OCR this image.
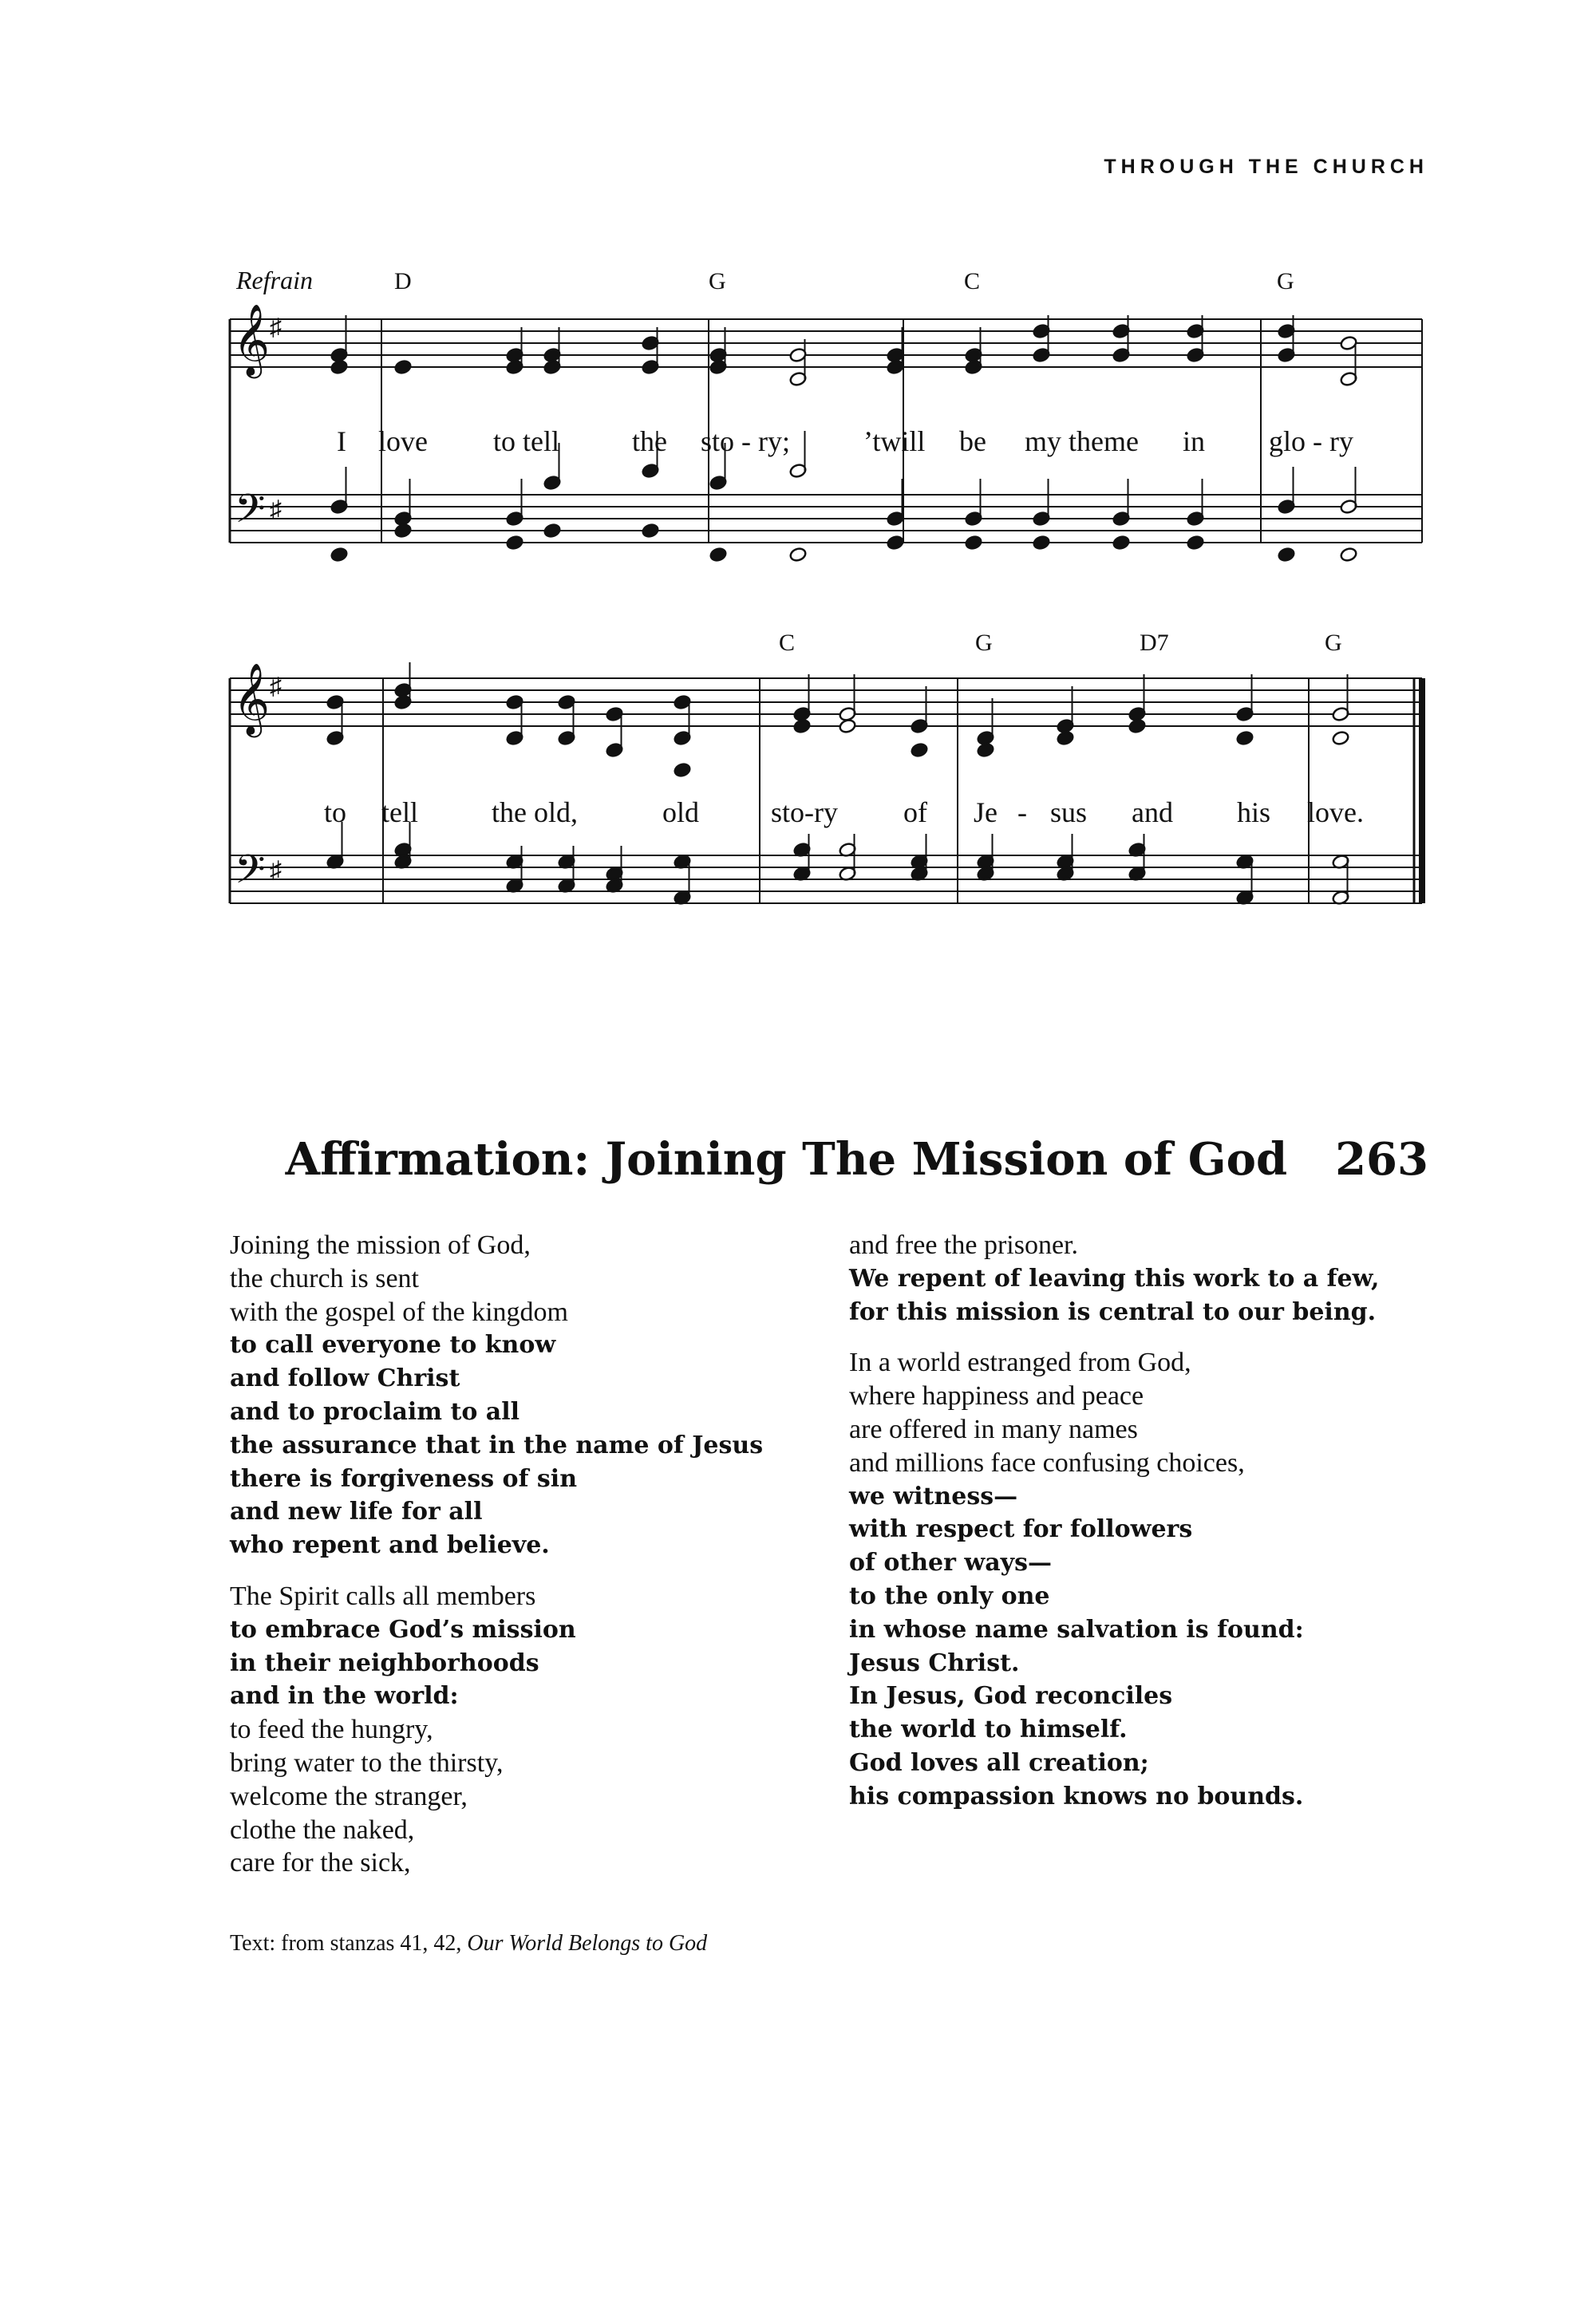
THROUGH THE CHURCH
𝄞
𝄢
♯
♯
𝄞
𝄢
♯
♯
Refrain	D	G	C	G
C	G	D7	G
I love to tell	the sto - ry;	’twill be my theme in glo - ry
to tell	the old,	old sto-ry of Je - sus and his love.
Affirmation: Joining The Mission of God 263
Joining the mission of God,
the church is sent
with the gospel of the kingdom
to call everyone to know
and follow Christ
and to proclaim to all
the assurance that in the name of Jesus
there is forgiveness of sin
and new life for all
who repent and believe.
The Spirit calls all members
to embrace God’s mission
in their neighborhoods
and in the world:
to feed the hungry,
bring water to the thirsty,
welcome the stranger,
clothe the naked,
care for the sick,
and free the prisoner.
We repent of leaving this work to a few,
for this mission is central to our being.
In a world estranged from God,
where happiness and peace
are offered in many names
and millions face confusing choices,
we witness—
with respect for followers
of other ways—
to the only one
in whose name salvation is found:
Jesus Christ.
In Jesus, God reconciles
the world to himself.
God loves all creation;
his compassion knows no bounds.
Text: from stanzas 41, 42, Our World Belongs to God
